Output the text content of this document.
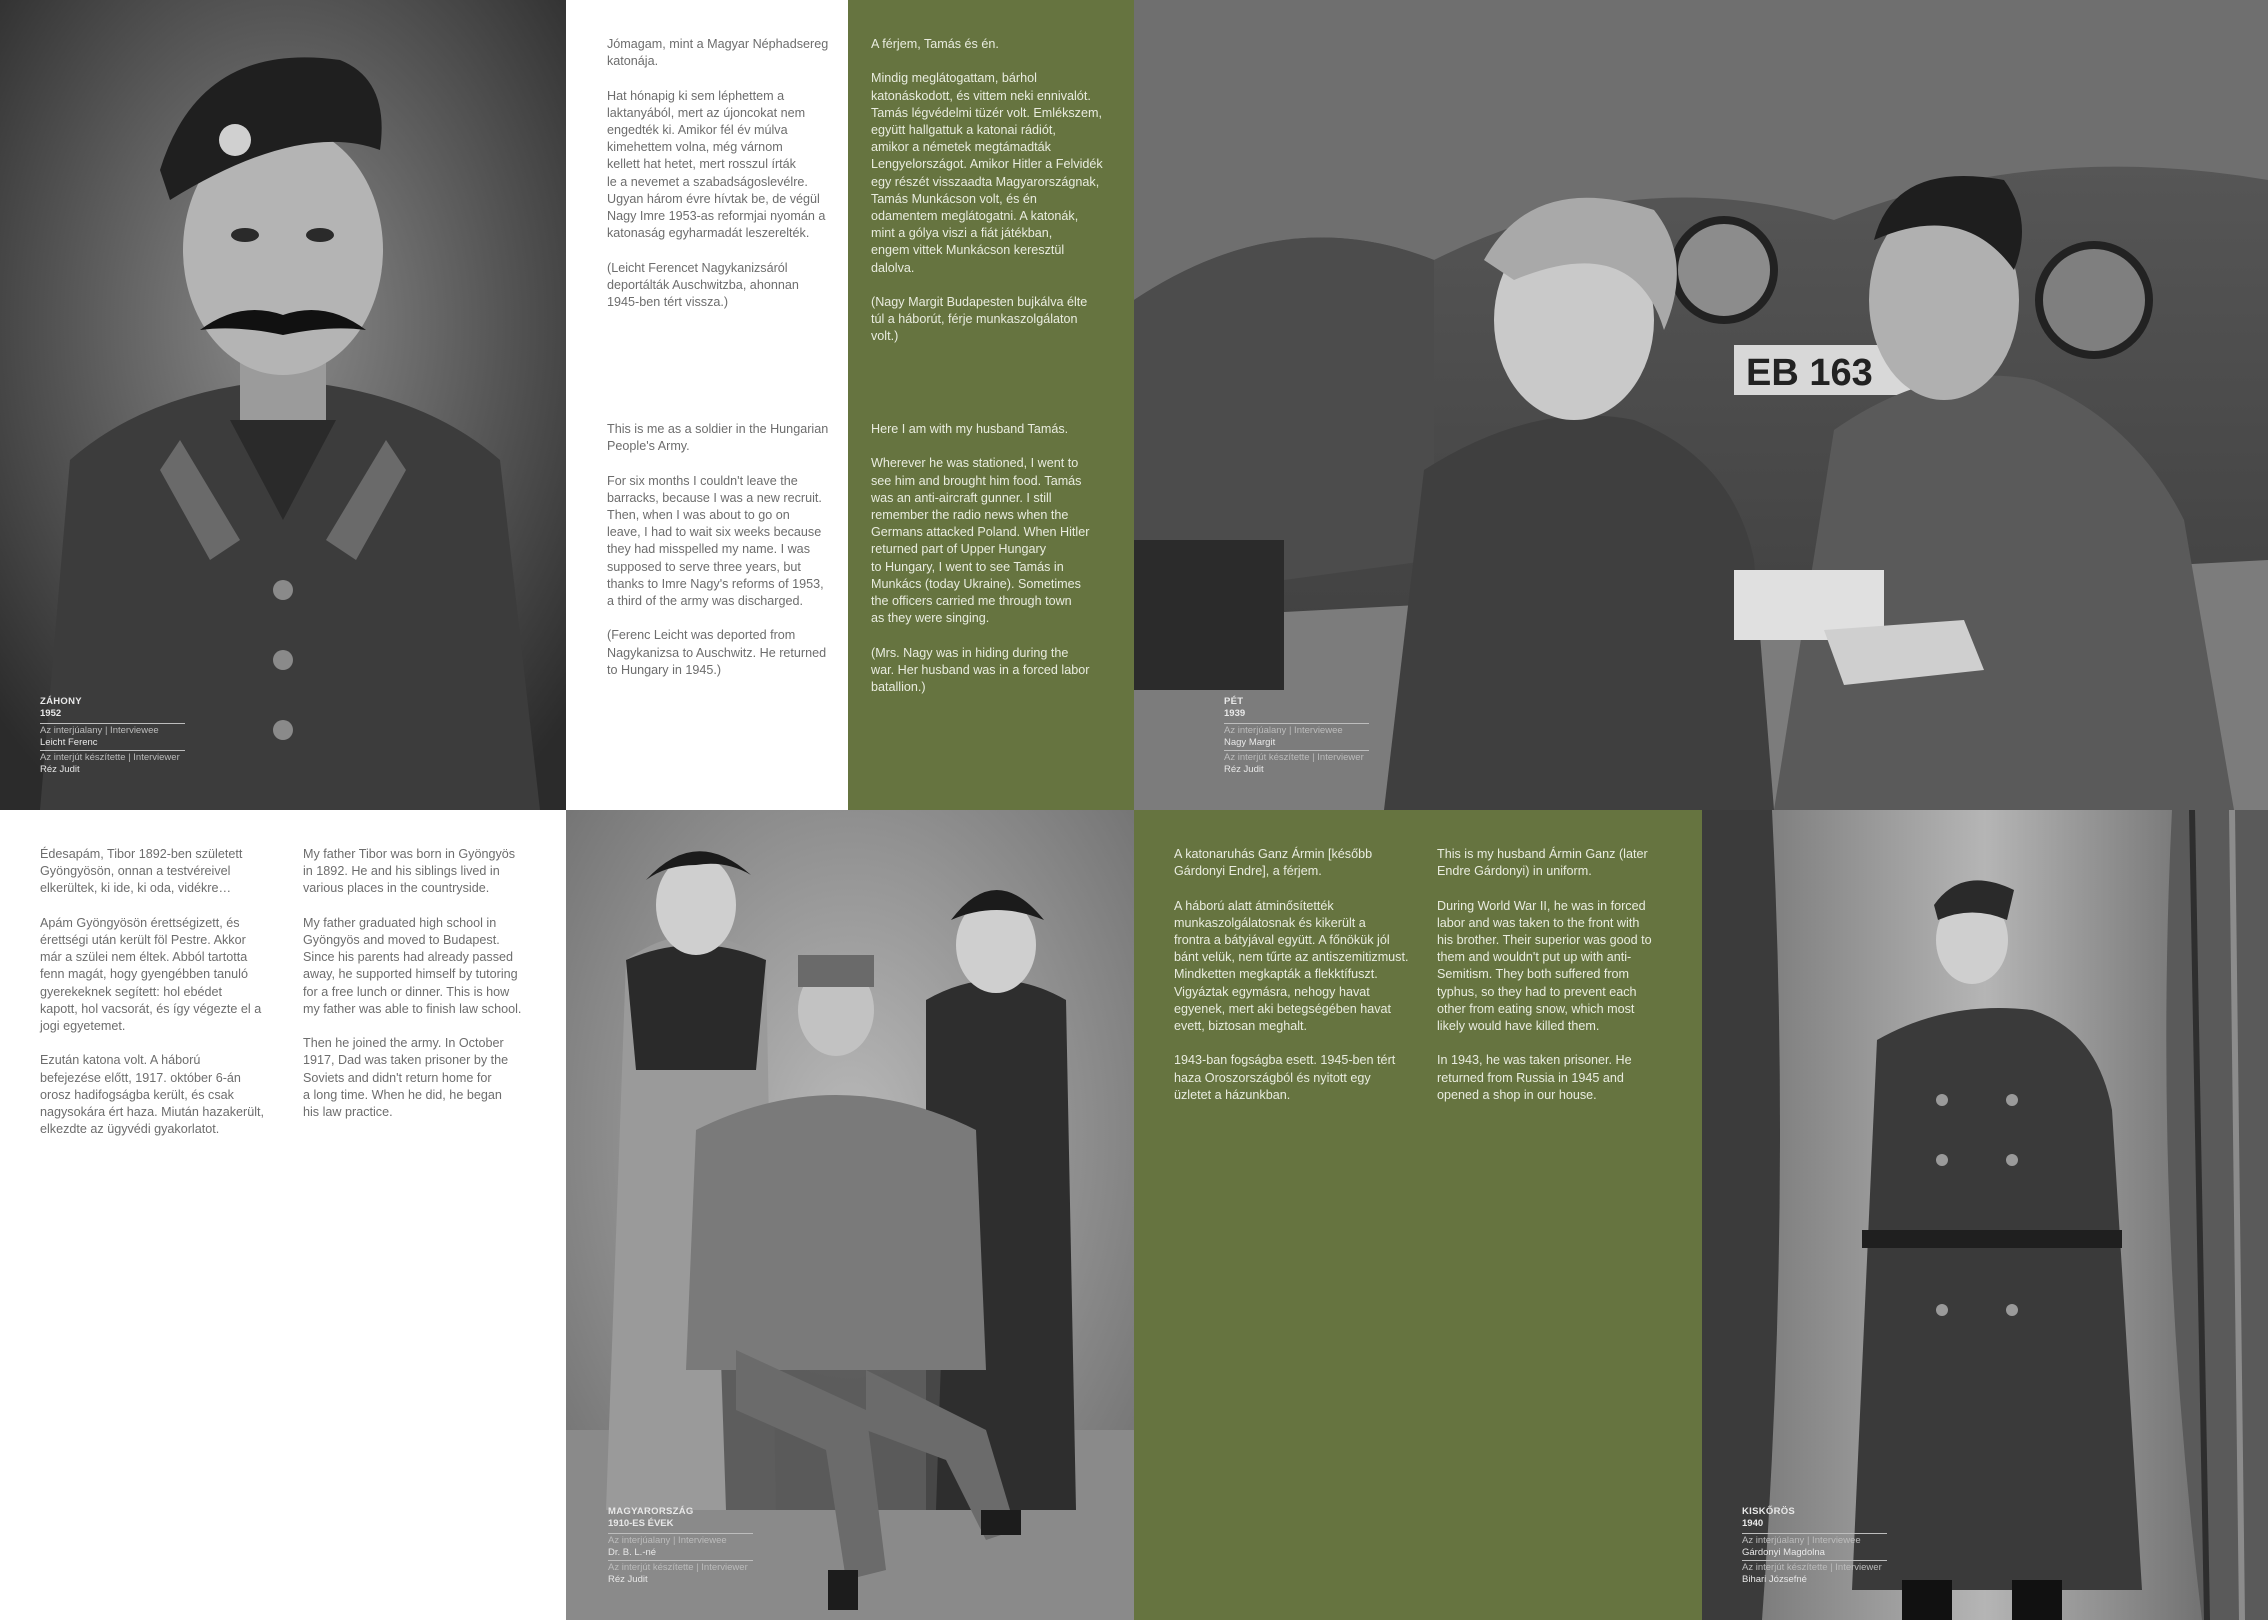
ZÁHONY
1952
Az interjúalany | Interviewee
Leicht Ferenc
Az interjút készítette | Interviewer
Réz Judit
Jómagam, mint a Magyar Néphadsereg
katonája.

Hat hónapig ki sem léphettem a
laktanyából, mert az újoncokat nem
engedték ki. Amikor fél év múlva
kimehettem volna, még várnom
kellett hat hetet, mert rosszul írták
le a nevemet a szabadságoslevélre.
Ugyan három évre hívtak be, de végül
Nagy Imre 1953-as reformjai nyomán a
katonaság egyharmadát leszerelték.

(Leicht Ferencet Nagykanizsáról
deportálták Auschwitzba, ahonnan
1945-ben tért vissza.)
This is me as a soldier in the Hungarian
People's Army.

For six months I couldn't leave the
barracks, because I was a new recruit.
Then, when I was about to go on
leave, I had to wait six weeks because
they had misspelled my name. I was
supposed to serve three years, but
thanks to Imre Nagy's reforms of 1953,
a third of the army was discharged.

(Ferenc Leicht was deported from
Nagykanizsa to Auschwitz. He returned
to Hungary in 1945.)
A férjem, Tamás és én.

Mindig meglátogattam, bárhol
katonáskodott, és vittem neki ennivalót.
Tamás légvédelmi tüzér volt. Emlékszem,
együtt hallgattuk a katonai rádiót,
amikor a németek megtámadták
Lengyelországot. Amikor Hitler a Felvidék
egy részét visszaadta Magyarországnak,
Tamás Munkácson volt, és én
odamentem meglátogatni. A katonák,
mint a gólya viszi a fiát játékban,
engem vittek Munkácson keresztül
dalolva.

(Nagy Margit Budapesten bujkálva élte
túl a háborút, férje munkaszolgálaton
volt.)
Here I am with my husband Tamás.

Wherever he was stationed, I went to
see him and brought him food. Tamás
was an anti-aircraft gunner. I still
remember the radio news when the
Germans attacked Poland. When Hitler
returned part of Upper Hungary
to Hungary, I went to see Tamás in
Munkács (today Ukraine). Sometimes
the officers carried me through town
as they were singing.

(Mrs. Nagy was in hiding during the
war. Her husband was in a forced labor
batallion.)
EB 163
PÉT
1939
Az interjúalany | Interviewee
Nagy Margit
Az interjút készítette | Interviewer
Réz Judit
Édesapám, Tibor 1892-ben született
Gyöngyösön, onnan a testvéreivel
elkerültek, ki ide, ki oda, vidékre…

Apám Gyöngyösön érettségizett, és
érettségi után került föl Pestre. Akkor
már a szülei nem éltek. Abból tartotta
fenn magát, hogy gyengébben tanuló
gyerekeknek segített: hol ebédet
kapott, hol vacsorát, és így végezte el a
jogi egyetemet.

Ezután katona volt. A háború
befejezése előtt, 1917. október 6-án
orosz hadifogságba került, és csak
nagysokára ért haza. Miután hazakerült,
elkezdte az ügyvédi gyakorlatot.
My father Tibor was born in Gyöngyös
in 1892. He and his siblings lived in
various places in the countryside.

My father graduated high school in
Gyöngyös and moved to Budapest.
Since his parents had already passed
away, he supported himself by tutoring
for a free lunch or dinner. This is how
my father was able to finish law school.

Then he joined the army. In October
1917, Dad was taken prisoner by the
Soviets and didn't return home for
a long time. When he did, he began
his law practice.
MAGYARORSZÁG
1910-ES ÉVEK
Az interjúalany | Interviewee
Dr. B. L.-né
Az interjút készítette | Interviewer
Réz Judit
A katonaruhás Ganz Ármin [később
Gárdonyi Endre], a férjem.

A háború alatt átminősítették
munkaszolgálatosnak és kikerült a
frontra a bátyjával együtt. A főnökük jól
bánt velük, nem tűrte az antiszemitizmust.
Mindketten megkapták a flekktífuszt.
Vigyáztak egymásra, nehogy havat
egyenek, mert aki betegségében havat
evett, biztosan meghalt.

1943-ban fogságba esett. 1945-ben tért
haza Oroszországból és nyitott egy
üzletet a házunkban.
This is my husband Ármin Ganz (later
Endre Gárdonyi) in uniform.

During World War II, he was in forced
labor and was taken to the front with
his brother. Their superior was good to
them and wouldn't put up with anti-
Semitism. They both suffered from
typhus, so they had to prevent each
other from eating snow, which most
likely would have killed them.

In 1943, he was taken prisoner. He
returned from Russia in 1945 and
opened a shop in our house.
KISKŐRÖS
1940
Az interjúalany | Interviewee
Gárdonyi Magdolna
Az interjút készítette | Interviewer
Bihari Józsefné
